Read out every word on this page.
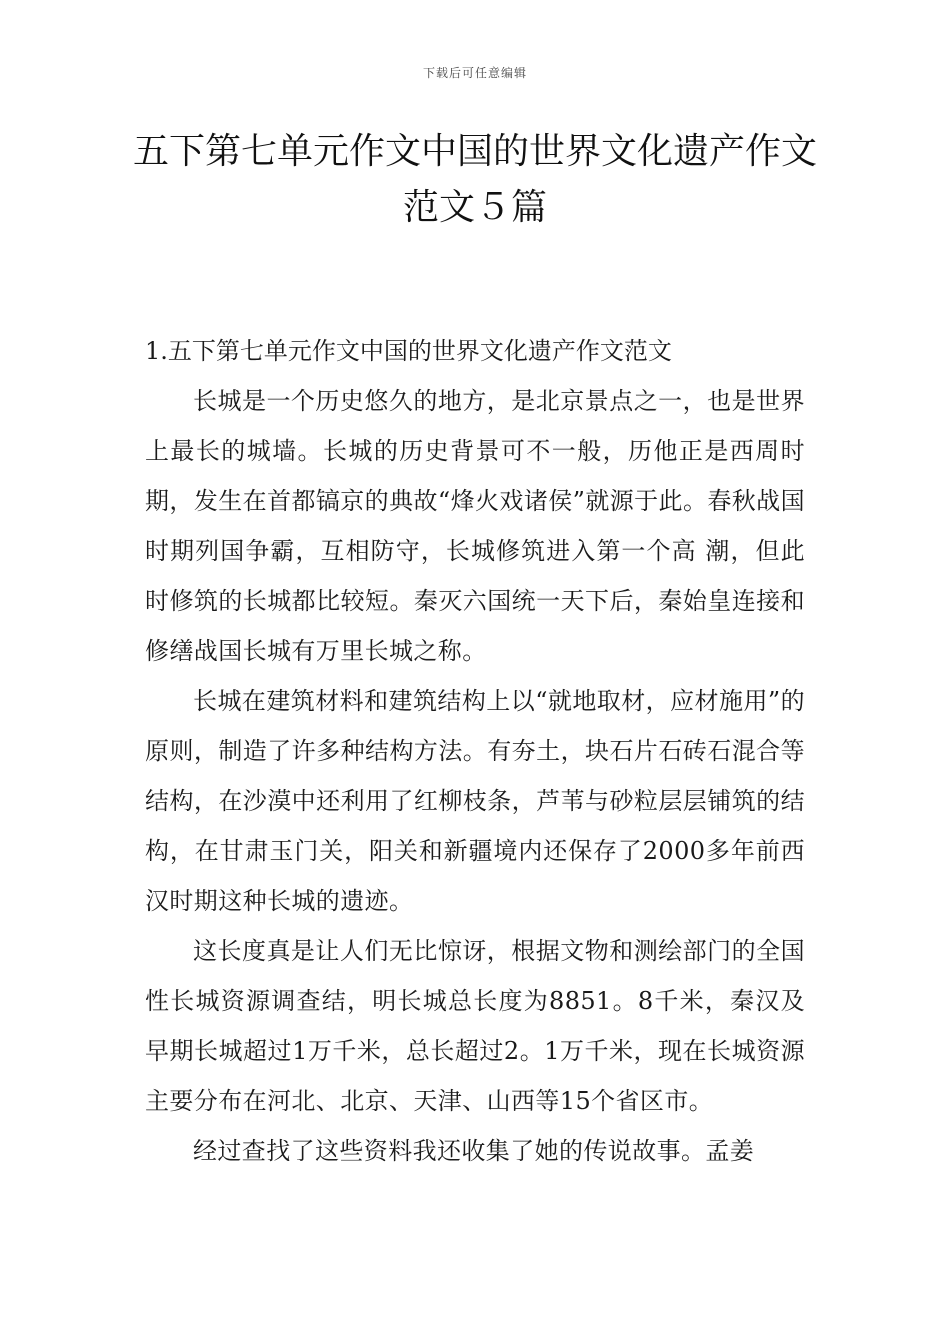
下载后可任意编辑
五下第七单元作文中国的世界文化遗产作文范文５篇
1.五下第七单元作文中国的世界文化遗产作文范文

长城是一个历史悠久的地方，是北京景点之一，也是世界上最长的城墙。长城的历史背景可不一般，历他正是西周时期，发生在首都镐京的典故“烽火戏诸侯”就源于此。春秋战国时期列国争霸，互相防守，长城修筑进入第一个高 潮，但此时修筑的长城都比较短。秦灭六国统一天下后，秦始皇连接和修缮战国长城有万里长城之称。

长城在建筑材料和建筑结构上以“就地取材，应材施用”的原则，制造了许多种结构方法。有夯土，块石片石砖石混合等结构，在沙漠中还利用了红柳枝条，芦苇与砂粒层层铺筑的结构，在甘肃玉门关，阳关和新疆境内还保存了2000多年前西汉时期这种长城的遗迹。

这长度真是让人们无比惊讶，根据文物和测绘部门的全国性长城资源调查结，明长城总长度为8851。8千米，秦汉及早期长城超过1万千米，总长超过2。1万千米，现在长城资源主要分布在河北、北京、天津、山西等15个省区市。

经过查找了这些资料我还收集了她的传说故事。孟姜
